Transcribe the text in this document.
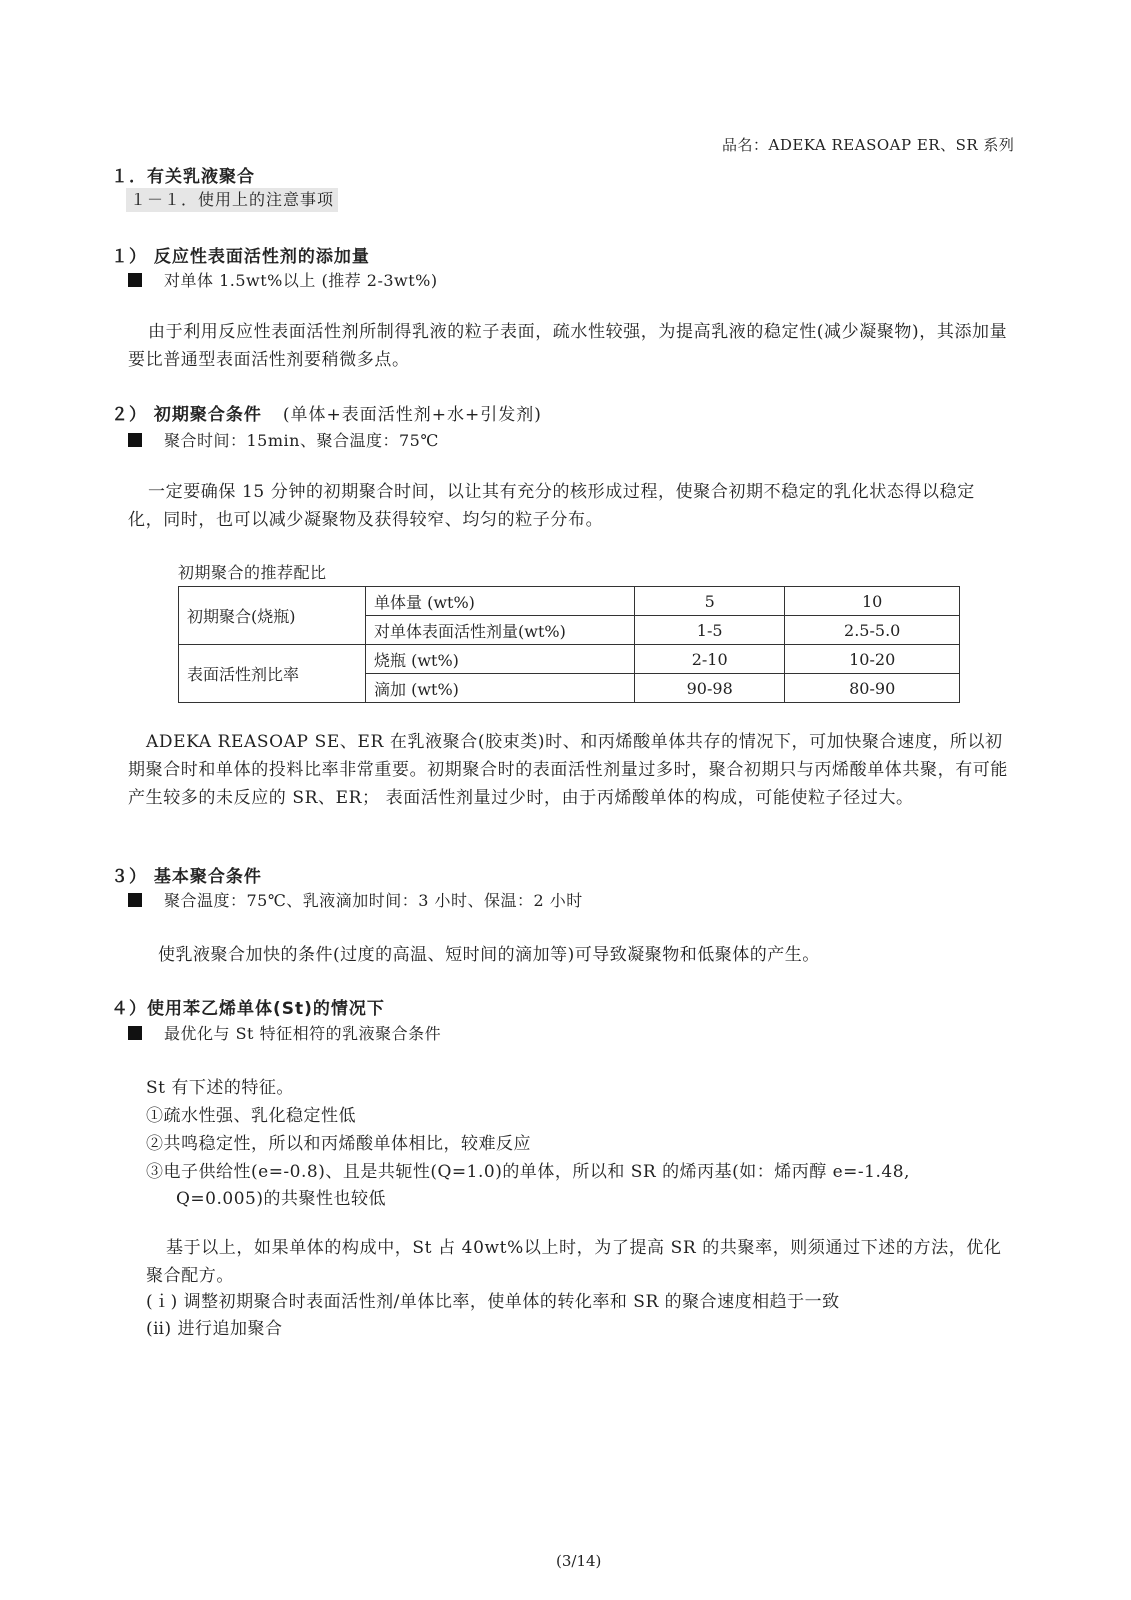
品名：ADEKA REASOAP ER、SR 系列
１．有关乳液聚合
１－１．使用上的注意事项
１） 反应性表面活性剂的添加量
对单体 1.5wt%以上 (推荐 2-3wt%)
由于利用反应性表面活性剂所制得乳液的粒子表面，疏水性较强，为提高乳液的稳定性(减少凝聚物)，其添加量要比普通型表面活性剂要稍微多点。
２） 初期聚合条件 (单体+表面活性剂+水+引发剂)
聚合时间：15min、聚合温度：75℃
一定要确保 15 分钟的初期聚合时间，以让其有充分的核形成过程，使聚合初期不稳定的乳化状态得以稳定化，同时，也可以减少凝聚物及获得较窄、均匀的粒子分布。
初期聚合的推荐配比
初期聚合(烧瓶)	单体量 (wt%)	5	10
	对单体表面活性剂量(wt%)	1-5	2.5-5.0
表面活性剂比率	烧瓶 (wt%)	2-10	10-20
	滴加 (wt%)	90-98	80-90
ADEKA REASOAP SE、ER 在乳液聚合(胶束类)时、和丙烯酸单体共存的情况下，可加快聚合速度，所以初期聚合时和单体的投料比率非常重要。初期聚合时的表面活性剂量过多时，聚合初期只与丙烯酸单体共聚，有可能产生较多的未反应的 SR、ER； 表面活性剂量过少时，由于丙烯酸单体的构成，可能使粒子径过大。
３） 基本聚合条件
聚合温度：75℃、乳液滴加时间：3 小时、保温：2 小时
使乳液聚合加快的条件(过度的高温、短时间的滴加等)可导致凝聚物和低聚体的产生。
４）使用苯乙烯单体(St)的情况下
最优化与 St 特征相符的乳液聚合条件
St 有下述的特征。
①疏水性强、乳化稳定性低
②共鸣稳定性，所以和丙烯酸单体相比，较难反应
③电子供给性(e=-0.8)、且是共轭性(Q=1.0)的单体，所以和 SR 的烯丙基(如：烯丙醇 e=-1.48,
Q=0.005)的共聚性也较低
基于以上，如果单体的构成中，St 占 40wt%以上时，为了提高 SR 的共聚率，则须通过下述的方法，优化聚合配方。
(ｉ) 调整初期聚合时表面活性剂/单体比率，使单体的转化率和 SR 的聚合速度相趋于一致
(ⅱ) 进行追加聚合
(3/14)
